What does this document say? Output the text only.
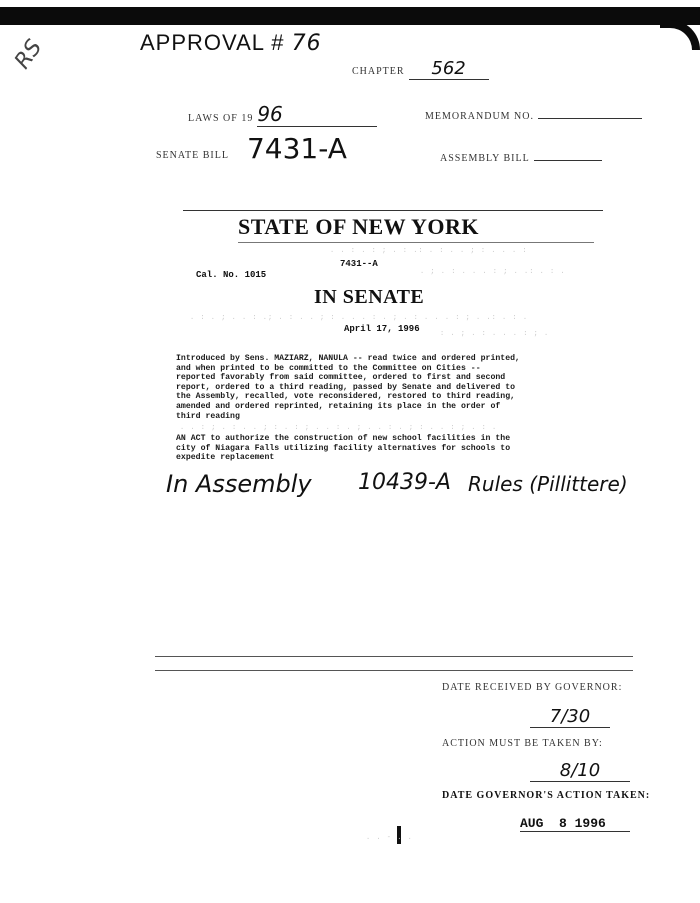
RS	APPROVAL # 76
CHAPTER 562
LAWS OF 19 96	MEMORANDUM NO.
SENATE BILL 7431-A	ASSEMBLY BILL
. . : . : ; . : .: . : . . ; : . . . :
. ; . : . . . : ; . .: . : .
. : . ; . . : .; . : . . ; : . . . : . ; . : . . . : ; . .: . : .
: . ; . : . . . : ; .
. . : ; . : . . ; : . : ; . . : . ; . . : . ; : . . : ; . : .
STATE OF NEW YORK
7431--A
Cal. No. 1015
IN SENATE
April 17, 1996
Introduced by Sens. MAZIARZ, NANULA -- read twice and ordered printed,
and when printed to be committed to the Committee on Cities --
reported favorably from said committee, ordered to first and second
report, ordered to a third reading, passed by Senate and delivered to
the Assembly, recalled, vote reconsidered, restored to third reading,
amended and ordered reprinted, retaining its place in the order of
third reading
AN ACT to authorize the construction of new school facilities in the
city of Niagara Falls utilizing facility alternatives for schools to
expedite replacement
In Assembly 10439-A Rules (Pillittere)
DATE RECEIVED BY GOVERNOR:
7/30
ACTION MUST BE TAKEN BY:
8/10
DATE GOVERNOR'S ACTION TAKEN:
AUG  8 1996
. . - . .
